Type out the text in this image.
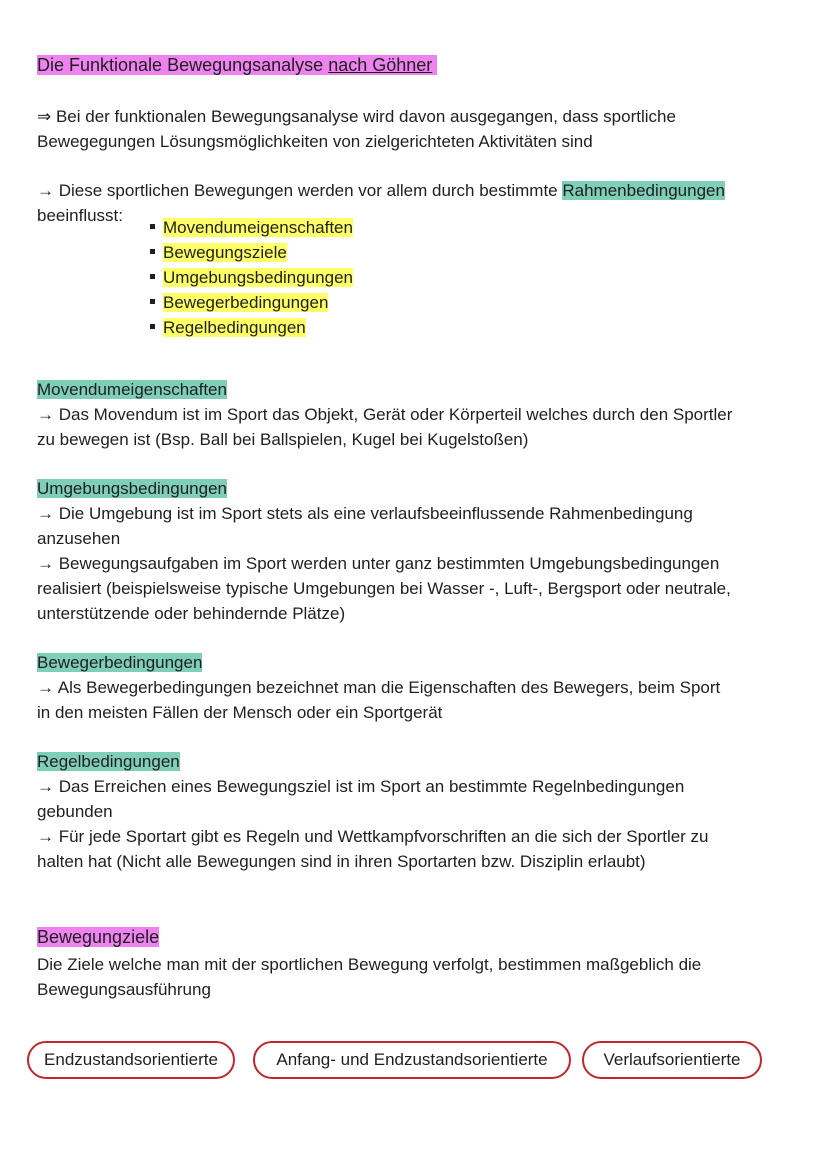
Die Funktionale Bewegungsanalyse nach Göhner
⇒ Bei der funktionalen Bewegungsanalyse wird davon ausgegangen, dass sportliche
Bewegegungen Lösungsmöglichkeiten von zielgerichteten Aktivitäten sind
→ Diese sportlichen Bewegungen werden vor allem durch bestimmte Rahmenbedingungen
beeinflusst:
Movendumeigenschaften
Bewegungsziele
Umgebungsbedingungen
Bewegerbedingungen
Regelbedingungen
Movendumeigenschaften
→ Das Movendum ist im Sport das Objekt, Gerät oder Körperteil welches durch den Sportler
zu bewegen ist (Bsp. Ball bei Ballspielen, Kugel bei Kugelstoßen)
Umgebungsbedingungen
→ Die Umgebung ist im Sport stets als eine verlaufsbeeinflussende Rahmenbedingung
anzusehen
→ Bewegungsaufgaben im Sport werden unter ganz bestimmten Umgebungsbedingungen
realisiert (beispielsweise typische Umgebungen bei Wasser -, Luft-, Bergsport oder neutrale,
unterstützende oder behindernde Plätze)
Bewegerbedingungen
→ Als Bewegerbedingungen bezeichnet man die Eigenschaften des Bewegers, beim Sport
in den meisten Fällen der Mensch oder ein Sportgerät
Regelbedingungen
→ Das Erreichen eines Bewegungsziel ist im Sport an bestimmte Regelnbedingungen
gebunden
→ Für jede Sportart gibt es Regeln und Wettkampfvorschriften an die sich der Sportler zu
halten hat (Nicht alle Bewegungen sind in ihren Sportarten bzw. Disziplin erlaubt)
Bewegungziele
Die Ziele welche man mit der sportlichen Bewegung verfolgt, bestimmen maßgeblich die
Bewegungsausführung
Endzustandsorientierte	Anfang- und Endzustandsorientierte	Verlaufsorientierte
